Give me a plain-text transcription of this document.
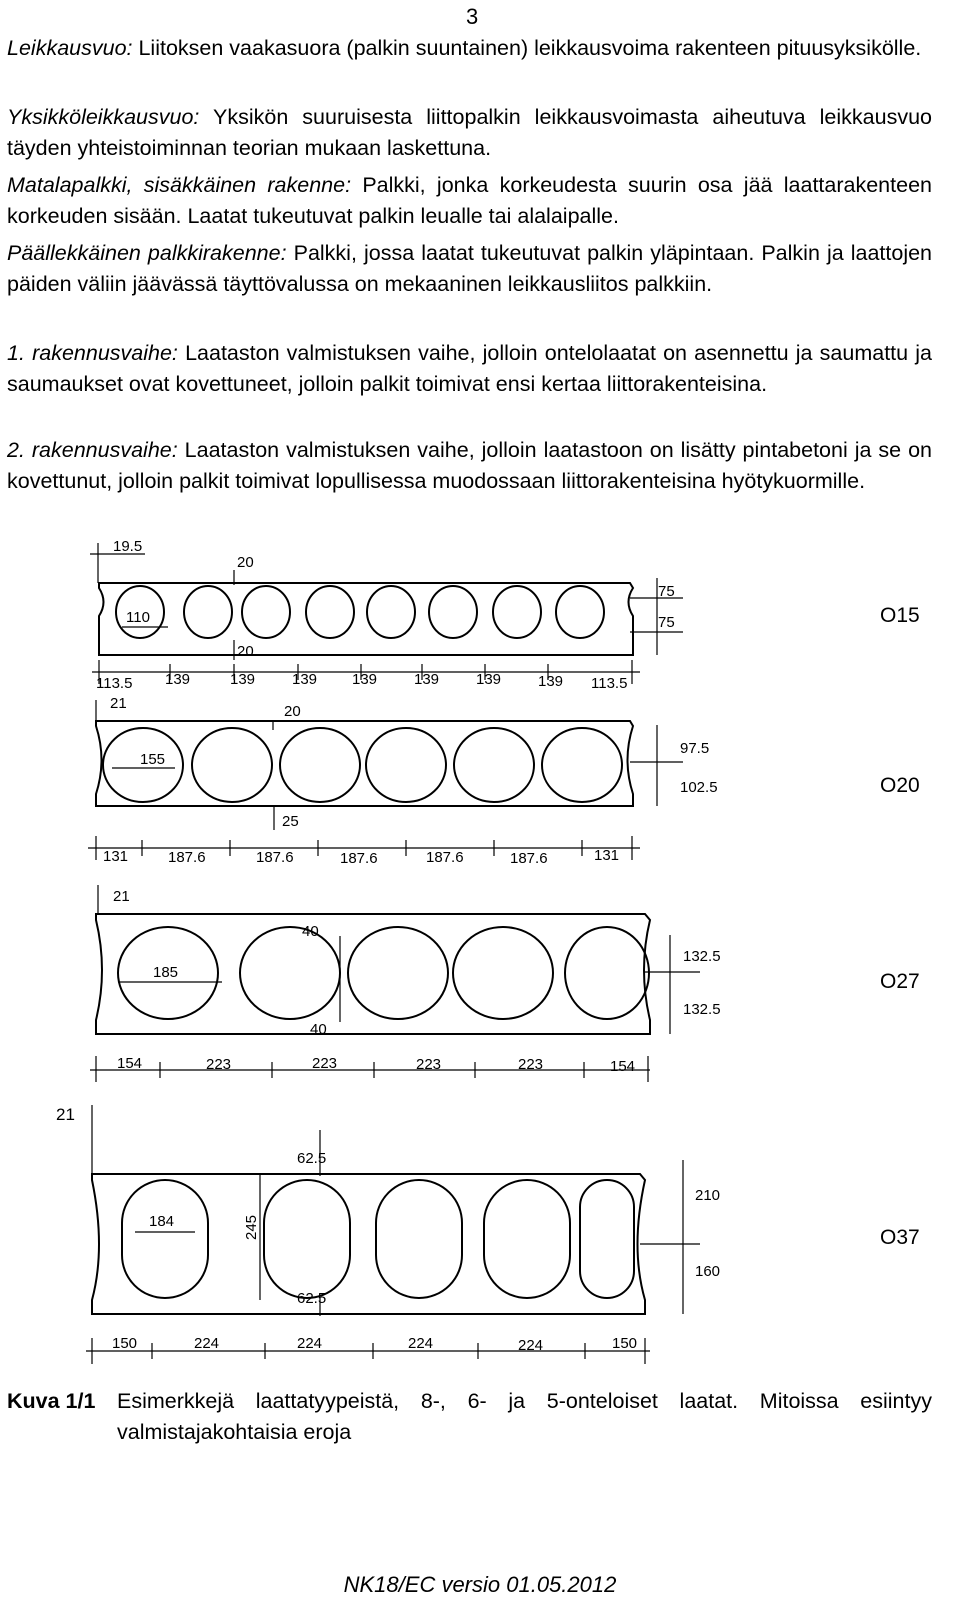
3

Leikkausvuo: Liitoksen vaakasuora (palkin suuntainen) leikkausvoima rakenteen pituusyksikölle.

Yksikköleikkausvuo: Yksikön suuruisesta liittopalkin leikkausvoimasta aiheutuva leikkausvuo täyden yhteistoiminnan teorian mukaan laskettuna.

Matalapalkki, sisäkkäinen rakenne: Palkki, jonka korkeudesta suurin osa jää laattarakenteen korkeuden sisään. Laatat tukeutuvat palkin leualle tai alalaipalle.

Päällekkäinen palkkirakenne: Palkki, jossa laatat tukeutuvat palkin yläpintaan. Palkin ja laattojen päiden väliin jäävässä täyttövalussa on mekaaninen leikkausliitos palkkiin.

1. rakennusvaihe: Laataston valmistuksen vaihe, jolloin ontelolaatat on asennettu ja saumattu ja saumaukset ovat kovettuneet, jolloin palkit toimivat ensi kertaa liittorakenteisina.

2. rakennusvaihe: Laataston valmistuksen vaihe, jolloin laatastoon on lisätty pintabetoni ja se on kovettunut, jolloin palkit toimivat lopullisessa muodossaan liittorakenteisina hyötykuormille.

19.5
20
110
75
75
20
O15
113.5 139	139 139 139 139 139 139 113.5
21	20
155
97.5
102.5	O20
25
131	187.6	187.6	187.6	187.6	187.6	131
21
40
185
132.5
132.5
O27
40
154	223	223	223	223	154
21
62.5
184	245
210
160
O37
62.5
150	224	224	224	224	150
Kuva 1/1 Esimerkkejä laattatyypeistä, 8-, 6- ja 5-onteloiset laatat. Mitoissa esiintyy valmistajakohtaisia eroja
NK18/EC versio 01.05.2012
